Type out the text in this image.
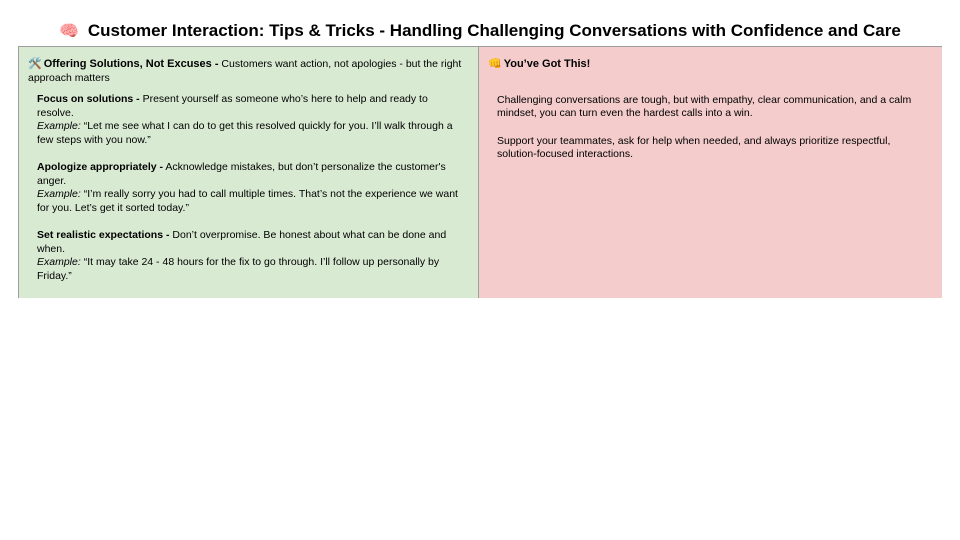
🧠 Customer Interaction: Tips & Tricks - Handling Challenging Conversations with Confidence and Care
🛠️ Offering Solutions, Not Excuses - Customers want action, not apologies - but the right approach matters
Focus on solutions - Present yourself as someone who’s here to help and ready to resolve.
Example: “Let me see what I can do to get this resolved quickly for you. I’ll walk through a few steps with you now.”
Apologize appropriately - Acknowledge mistakes, but don’t personalize the customer's anger.
Example: “I’m really sorry you had to call multiple times. That’s not the experience we want for you. Let’s get it sorted today.”
Set realistic expectations - Don’t overpromise. Be honest about what can be done and when.
Example: “It may take 24 - 48 hours for the fix to go through. I’ll follow up personally by Friday.”
👊 You’ve Got This!
Challenging conversations are tough, but with empathy, clear communication, and a calm mindset, you can turn even the hardest calls into a win.
Support your teammates, ask for help when needed, and always prioritize respectful, solution-focused interactions.
